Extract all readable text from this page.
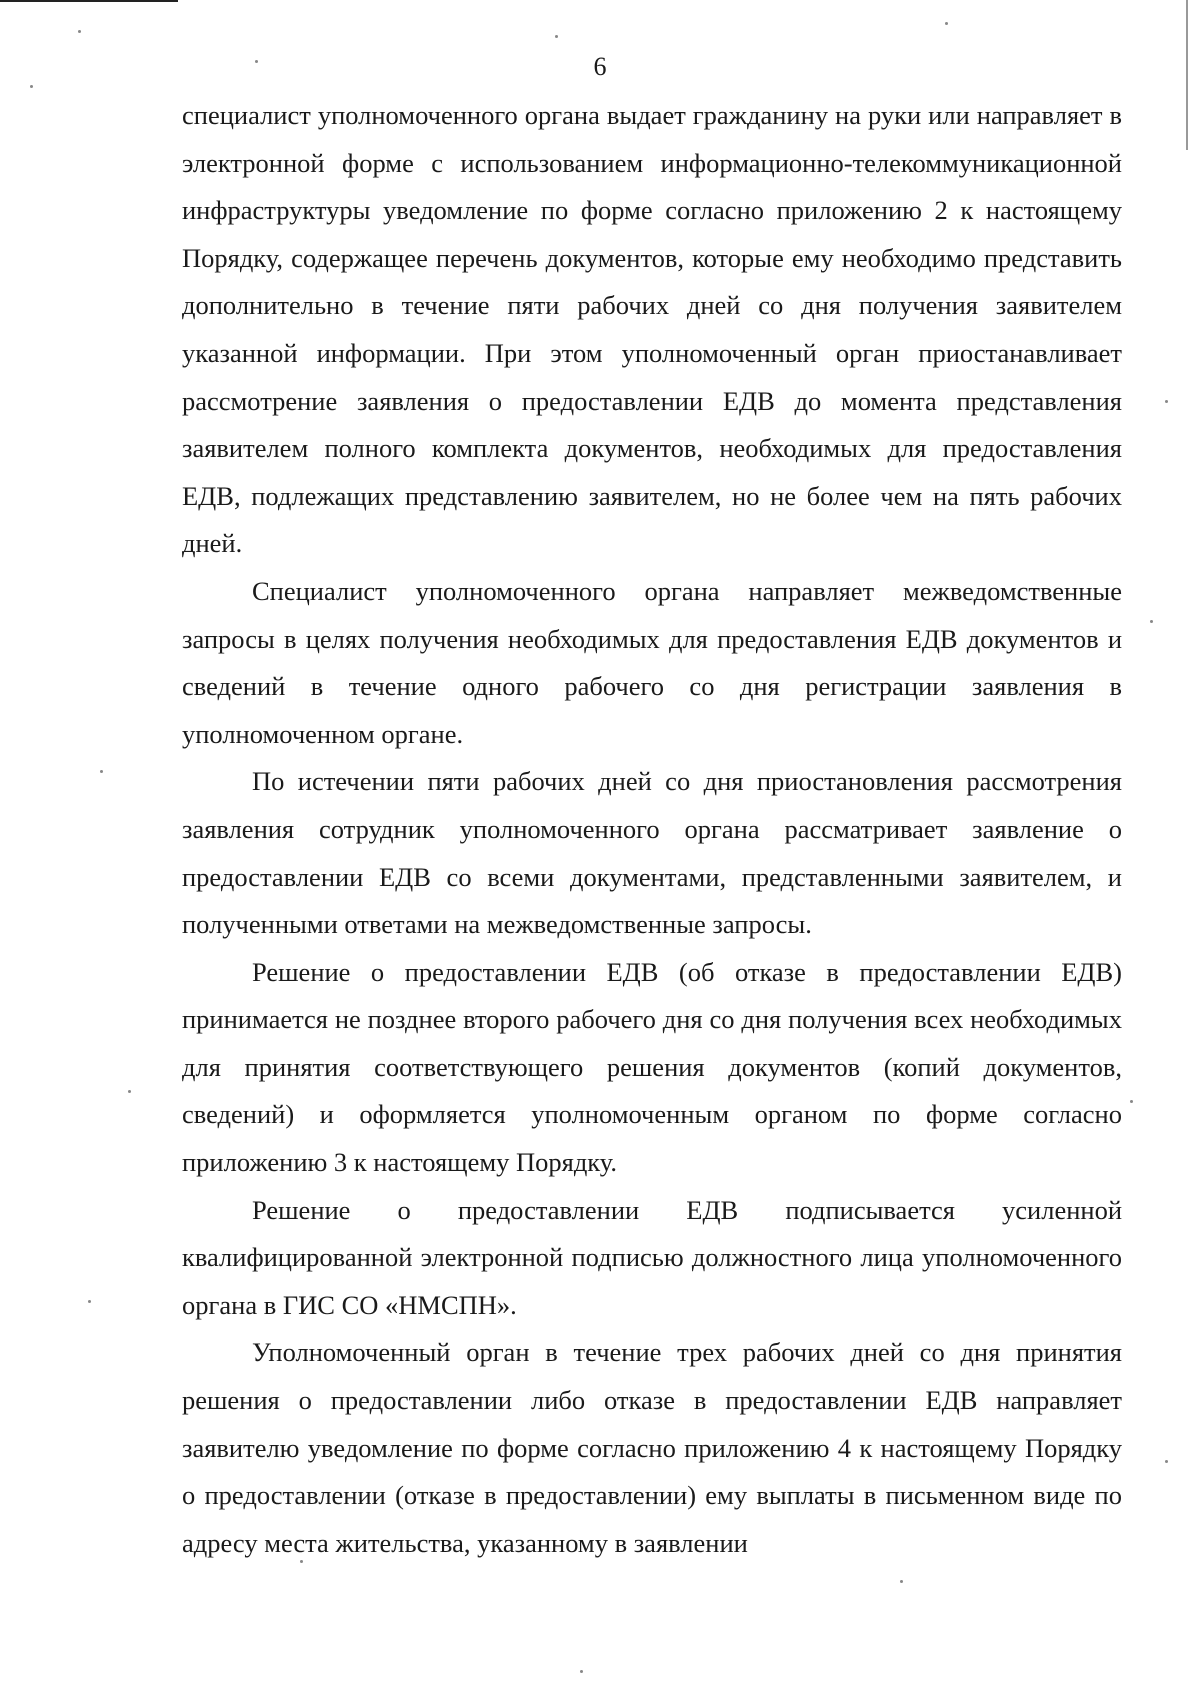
6

специалист уполномоченного органа выдает гражданину на руки или направляет в электронной форме с использованием информационно-телекоммуникационной инфраструктуры уведомление по форме согласно приложению 2 к настоящему Порядку, содержащее перечень документов, которые ему необходимо представить дополнительно в течение пяти рабочих дней со дня получения заявителем указанной информации. При этом уполномоченный орган приостанавливает рассмотрение заявления о предоставлении ЕДВ до момента представления заявителем полного комплекта документов, необходимых для предоставления ЕДВ, подлежащих представлению заявителем, но не более чем на пять рабочих дней.

Специалист уполномоченного органа направляет межведомственные запросы в целях получения необходимых для предоставления ЕДВ документов и сведений в течение одного рабочего со дня регистрации заявления в уполномоченном органе.

По истечении пяти рабочих дней со дня приостановления рассмотрения заявления сотрудник уполномоченного органа рассматривает заявление о предоставлении ЕДВ со всеми документами, представленными заявителем, и полученными ответами на межведомственные запросы.

Решение о предоставлении ЕДВ (об отказе в предоставлении ЕДВ) принимается не позднее второго рабочего дня со дня получения всех необходимых для принятия соответствующего решения документов (копий документов, сведений) и оформляется уполномоченным органом по форме согласно приложению 3 к настоящему Порядку.

Решение о предоставлении ЕДВ подписывается усиленной квалифицированной электронной подписью должностного лица уполномоченного органа в ГИС СО «НМСПН».

Уполномоченный орган в течение трех рабочих дней со дня принятия решения о предоставлении либо отказе в предоставлении ЕДВ направляет заявителю уведомление по форме согласно приложению 4 к настоящему Порядку о предоставлении (отказе в предоставлении) ему выплаты в письменном виде по адресу места жительства, указанному в заявлении
